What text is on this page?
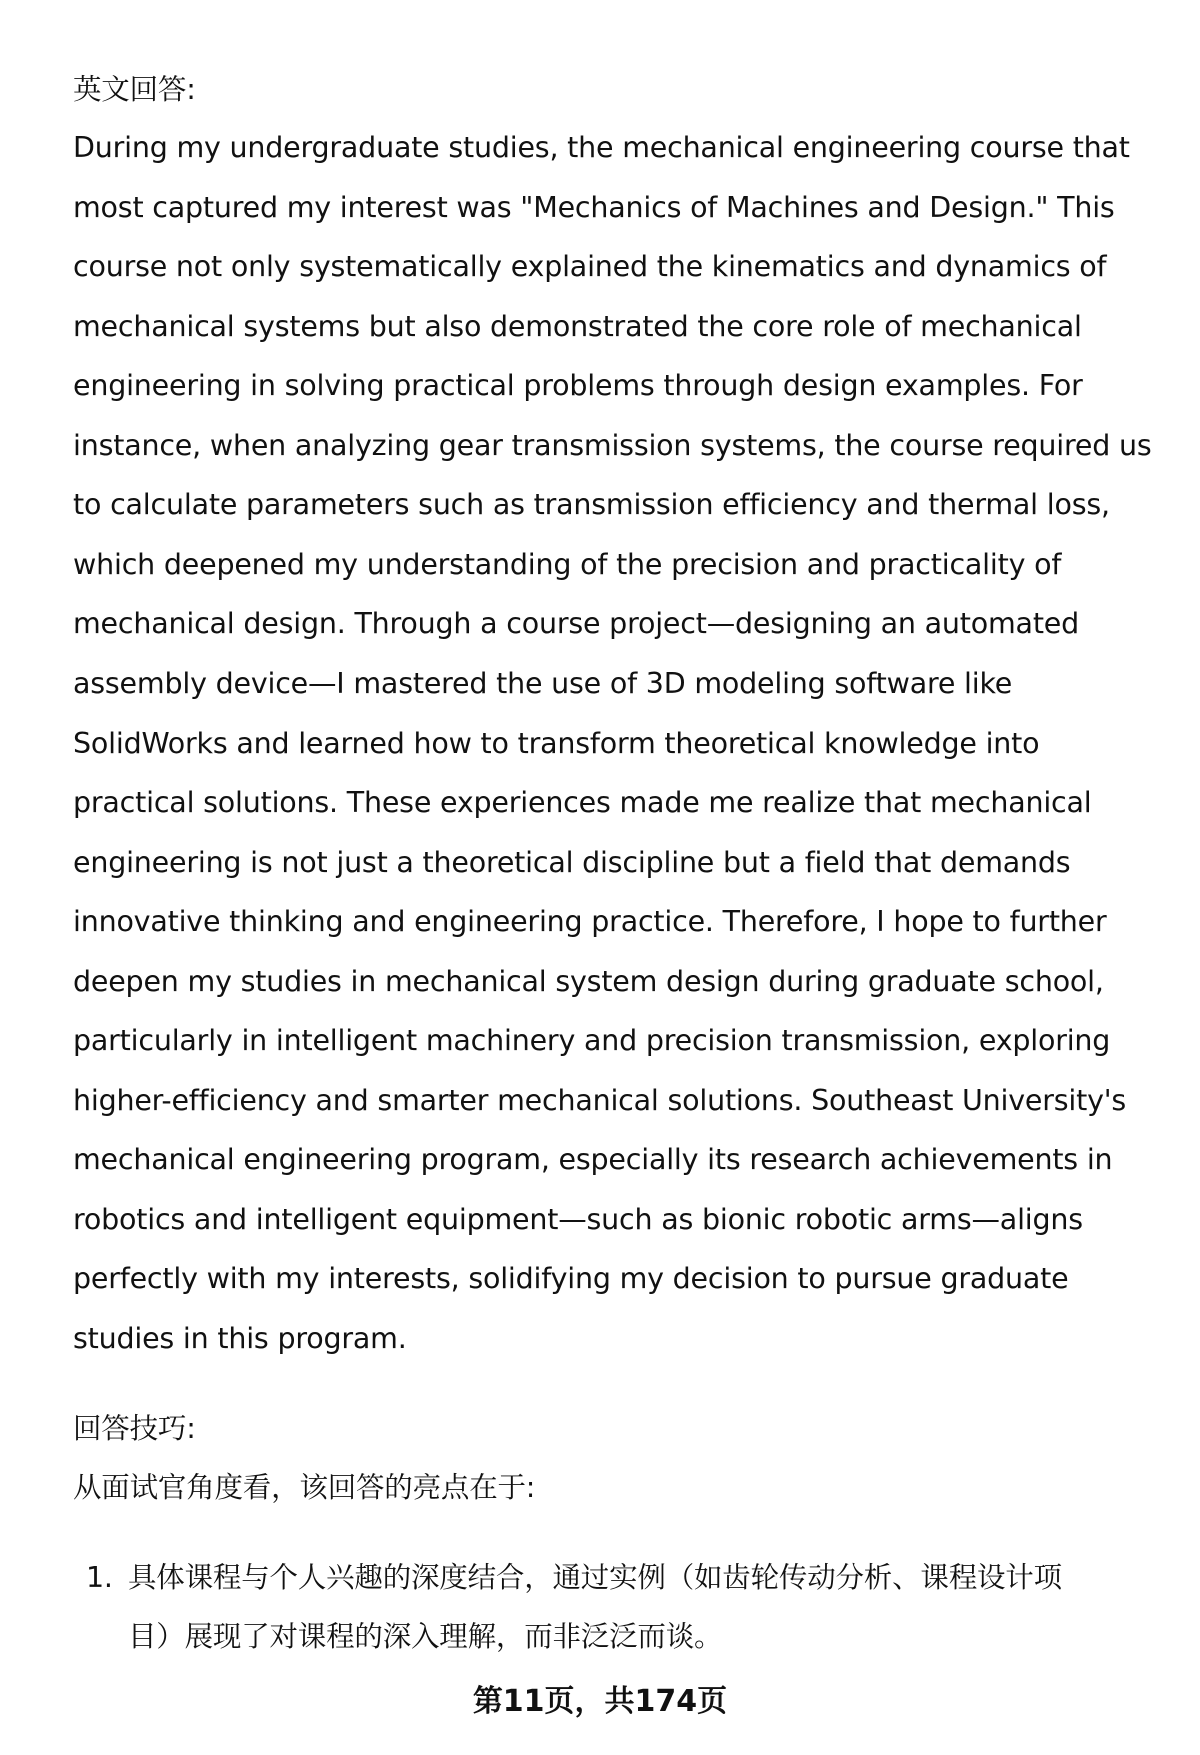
英文回答:
During my undergraduate studies, the mechanical engineering course that
most captured my interest was "Mechanics of Machines and Design." This
course not only systematically explained the kinematics and dynamics of
mechanical systems but also demonstrated the core role of mechanical
engineering in solving practical problems through design examples. For
instance, when analyzing gear transmission systems, the course required us
to calculate parameters such as transmission efficiency and thermal loss,
which deepened my understanding of the precision and practicality of
mechanical design. Through a course project—designing an automated
assembly device—I mastered the use of 3D modeling software like
SolidWorks and learned how to transform theoretical knowledge into
practical solutions. These experiences made me realize that mechanical
engineering is not just a theoretical discipline but a field that demands
innovative thinking and engineering practice. Therefore, I hope to further
deepen my studies in mechanical system design during graduate school,
particularly in intelligent machinery and precision transmission, exploring
higher-efficiency and smarter mechanical solutions. Southeast University's
mechanical engineering program, especially its research achievements in
robotics and intelligent equipment—such as bionic robotic arms—aligns
perfectly with my interests, solidifying my decision to pursue graduate
studies in this program.
回答技巧:
从面试官角度看，该回答的亮点在于:
1. 具体课程与个人兴趣的深度结合，通过实例（如齿轮传动分析、课程设计项
目）展现了对课程的深入理解，而非泛泛而谈。
第11页，共174页
